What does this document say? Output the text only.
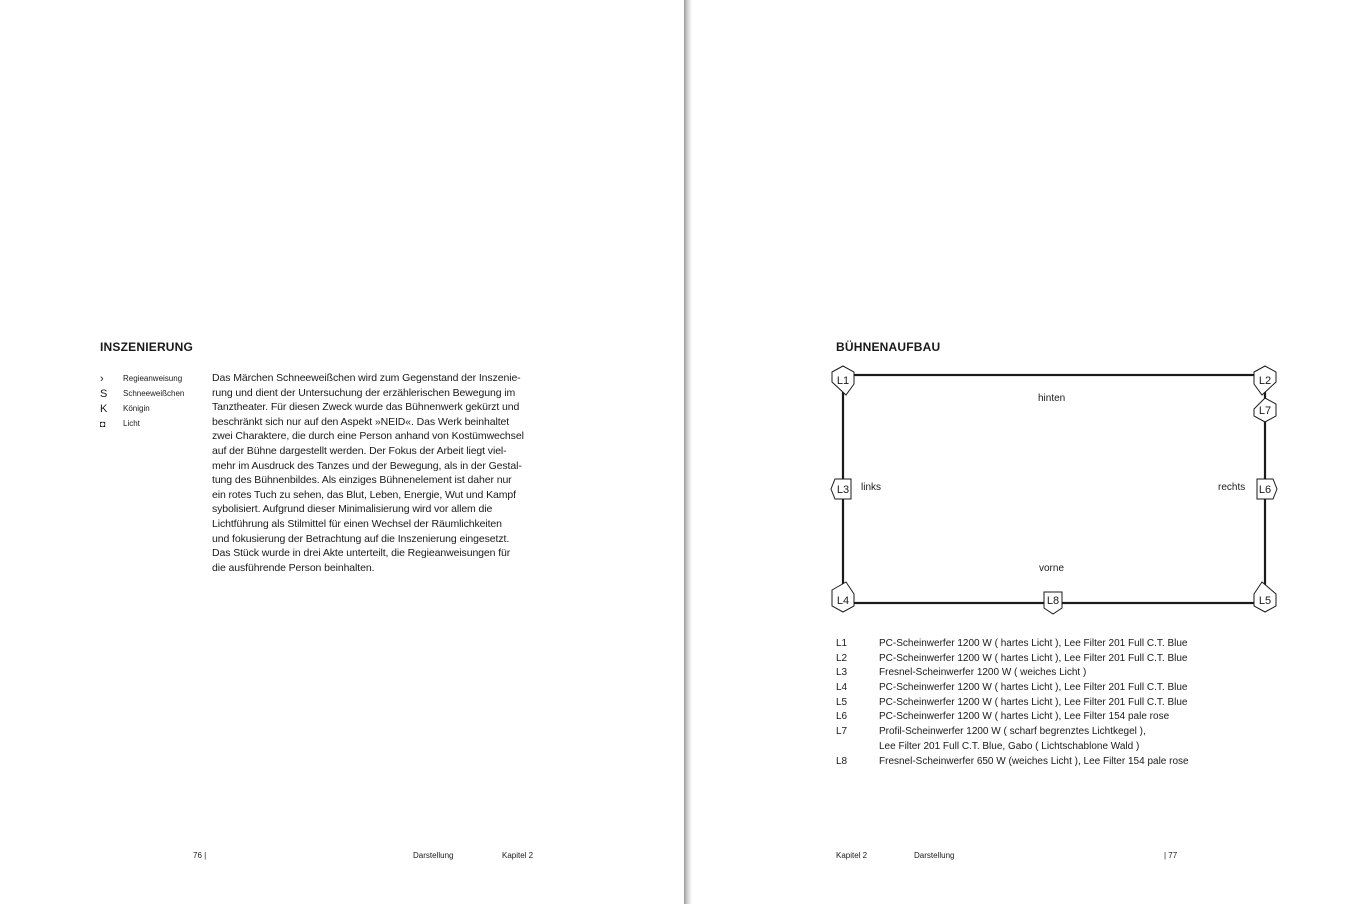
INSZENIERUNG
›	Regieanweisung
S	Schneeweißchen
K	Königin
◘	Licht
Das Märchen Schneeweißchen wird zum Gegenstand der Inszenie-
rung und dient der Untersuchung der erzählerischen Bewegung im
Tanztheater. Für diesen Zweck wurde das Bühnenwerk gekürzt und
beschränkt sich nur auf den Aspekt »NEID«. Das Werk beinhaltet
zwei Charaktere, die durch eine Person anhand von Kostümwechsel
auf der Bühne dargestellt werden. Der Fokus der Arbeit liegt viel-
mehr im Ausdruck des Tanzes und der Bewegung, als in der Gestal-
tung des Bühnenbildes. Als einziges Bühnenelement ist daher nur
ein rotes Tuch zu sehen, das Blut, Leben, Energie, Wut und Kampf
sybolisiert. Aufgrund dieser Minimalisierung wird vor allem die
Lichtführung als Stilmittel für einen Wechsel der Räumlichkeiten
und fokusierung der Betrachtung auf die Inszenierung eingesetzt.
Das Stück wurde in drei Akte unterteilt, die Regieanweisungen für
die ausführende Person beinhalten.
76 |	Darstellung	Kapitel 2
BÜHNENAUFBAU
L1	L2
L7
L3	L6
L4	L8	L5
hinten
vorne
links	rechts
L1	PC-Scheinwerfer 1200 W ( hartes Licht ), Lee Filter 201 Full C.T. Blue
L2	PC-Scheinwerfer 1200 W ( hartes Licht ), Lee Filter 201 Full C.T. Blue
L3	Fresnel-Scheinwerfer 1200 W ( weiches Licht )
L4	PC-Scheinwerfer 1200 W ( hartes Licht ), Lee Filter 201 Full C.T. Blue
L5	PC-Scheinwerfer 1200 W ( hartes Licht ), Lee Filter 201 Full C.T. Blue
L6	PC-Scheinwerfer 1200 W ( hartes Licht ), Lee Filter 154 pale rose
L7	Profil-Scheinwerfer 1200 W ( scharf begrenztes Lichtkegel ),
Lee Filter 201 Full C.T. Blue, Gabo ( Lichtschablone Wald )
L8	Fresnel-Scheinwerfer 650 W (weiches Licht ), Lee Filter 154 pale rose
Kapitel 2	Darstellung	| 77
